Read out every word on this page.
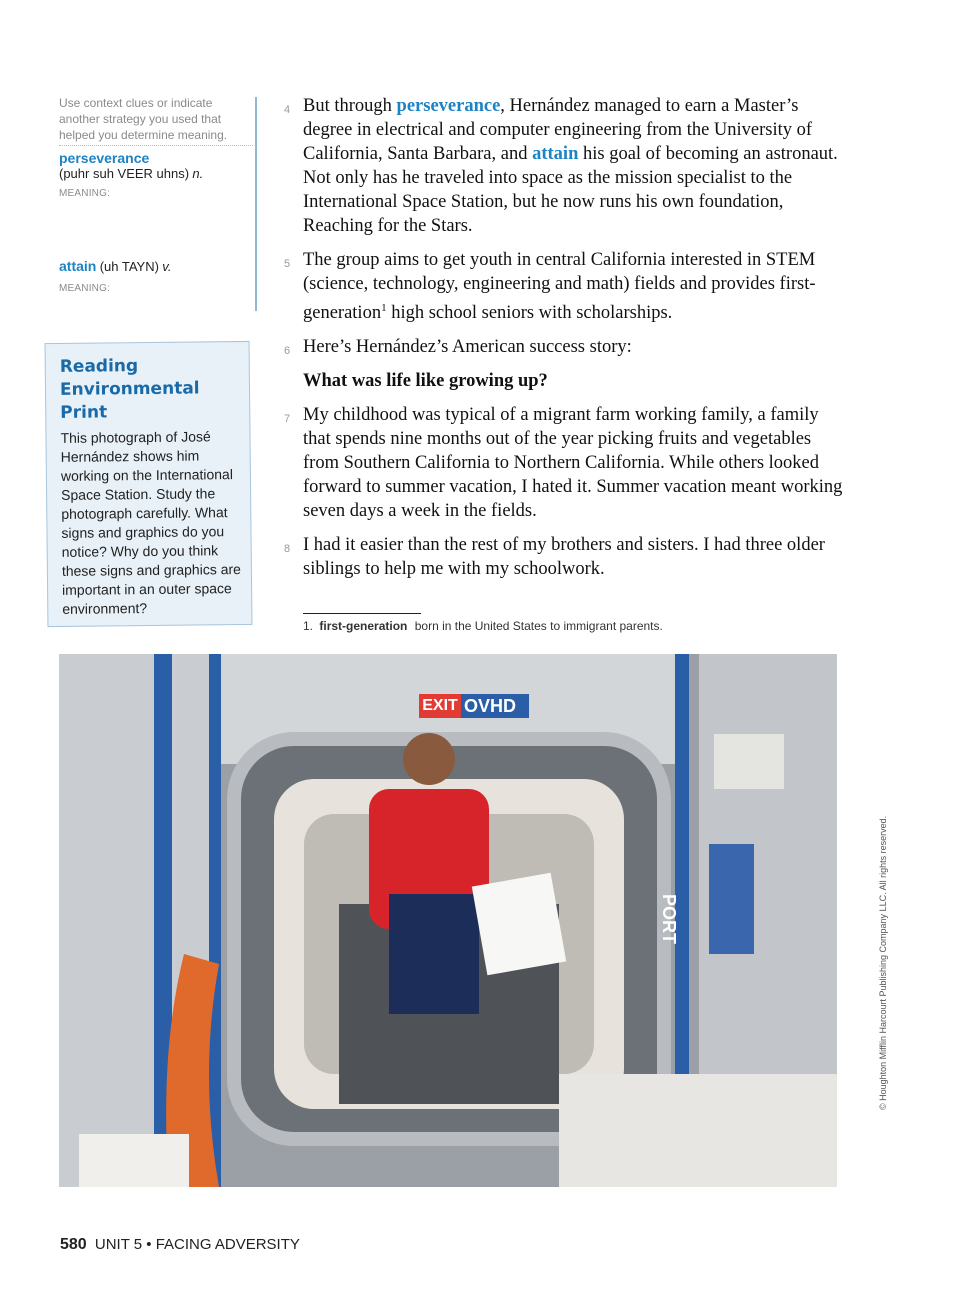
Use context clues or indicate another strategy you used that helped you determine meaning.
perseverance
(puhr suh VEER uhns) n.
MEANING:
attain (uh TAYN) v.
MEANING:
Reading
Environmental Print
This photograph of José Hernández shows him working on the International Space Station. Study the photograph carefully. What signs and graphics do you notice? Why do you think these signs and graphics are important in an outer space environment?
4 But through perseverance, Hernández managed to earn a Master’s degree in electrical and computer engineering from the University of California, Santa Barbara, and attain his goal of becoming an astronaut. Not only has he traveled into space as the mission specialist to the International Space Station, but he now runs his own foundation, Reaching for the Stars.
5 The group aims to get youth in central California interested in STEM (science, technology, engineering and math) fields and provides first-generation$^1$ high school seniors with scholarships.
6 Here’s Hernández’s American success story:
What was life like growing up?
7 My childhood was typical of a migrant farm working family, a family that spends nine months out of the year picking fruits and vegetables from Southern California to Northern California. While others looked forward to summer vacation, I hated it. Summer vacation meant working seven days a week in the fields.
8 I had it easier than the rest of my brothers and sisters. I had three older siblings to help me with my schoolwork.
1. first-generation born in the United States to immigrant parents.
EXIT OVHD
PORT	© Houghton Mifflin Harcourt Publishing Company LLC. All rights reserved.
580 UNIT 5 • FACING ADVERSITY
